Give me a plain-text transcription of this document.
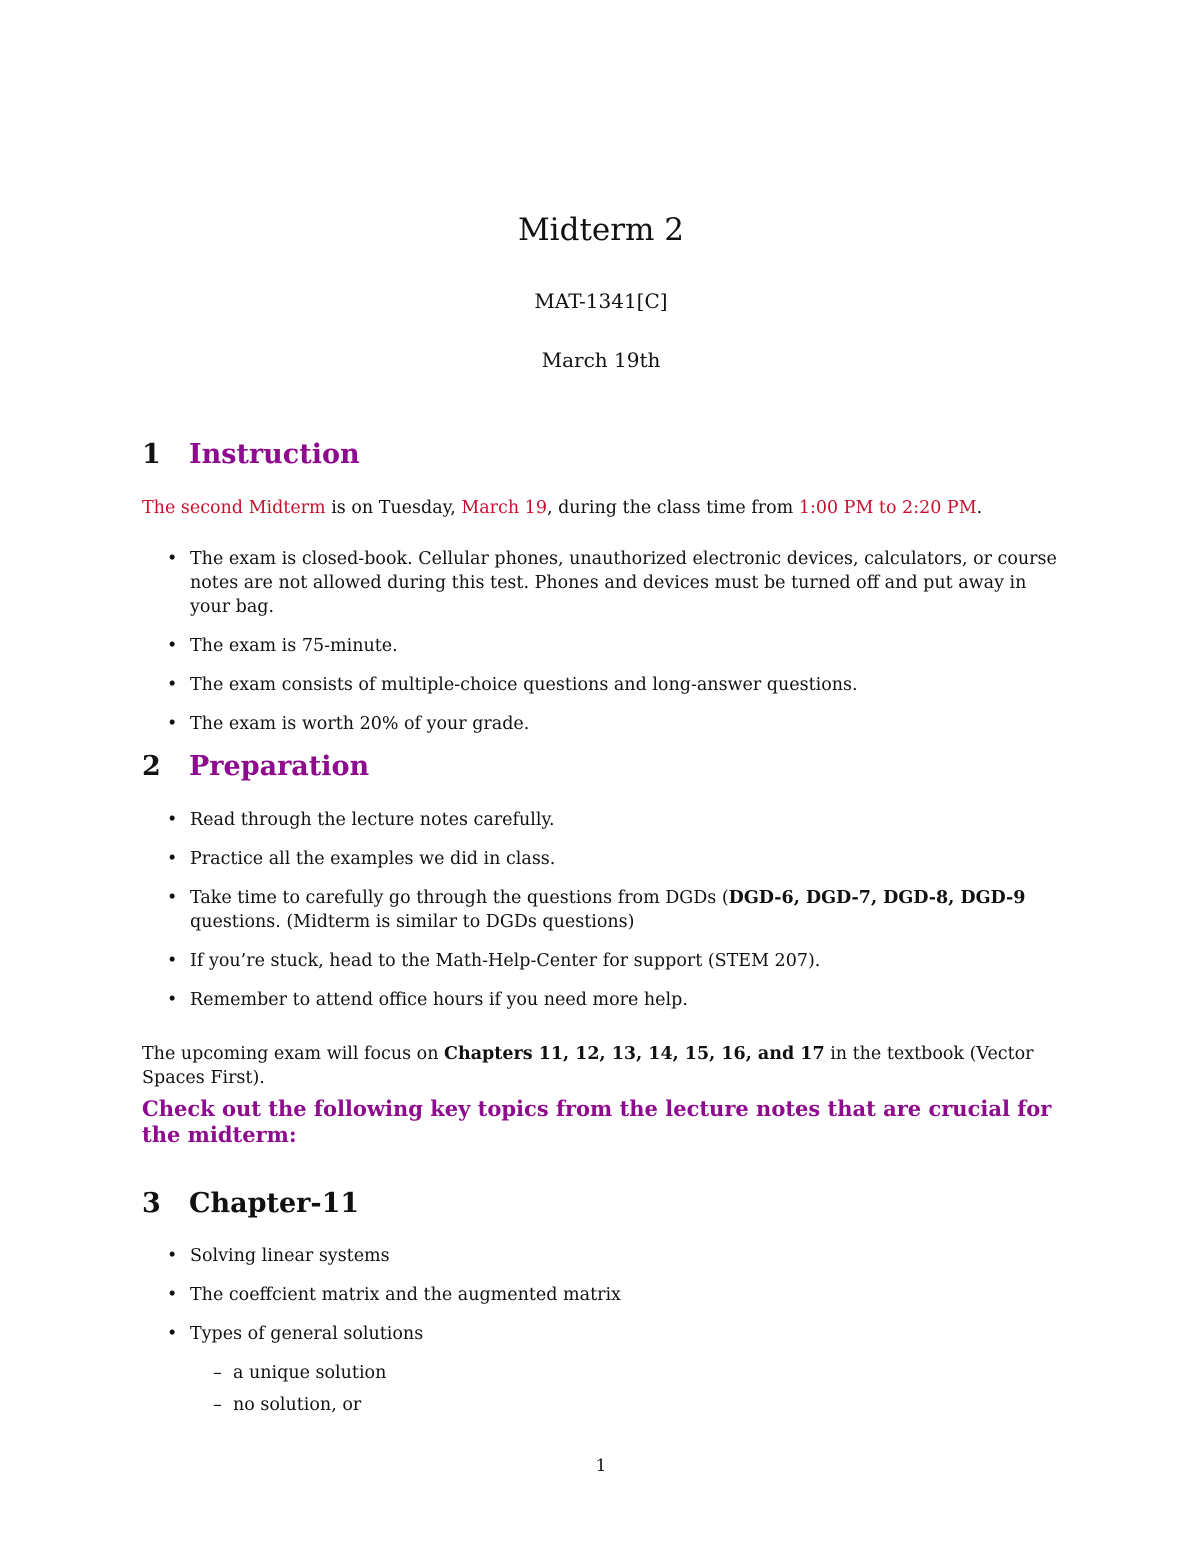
Midterm 2
MAT-1341[C]
March 19th
1 Instruction

The second Midterm is on Tuesday, March 19, during the class time from 1:00 PM to 2:20 PM.

• The exam is closed-book. Cellular phones, unauthorized electronic devices, calculators, or course notes are not allowed during this test. Phones and devices must be turned off and put away in your bag.
• The exam is 75-minute.
• The exam consists of multiple-choice questions and long-answer questions.
• The exam is worth 20% of your grade.
2 Preparation
• Read through the lecture notes carefully.
• Practice all the examples we did in class.
• Take time to carefully go through the questions from DGDs (DGD-6, DGD-7, DGD-8, DGD-9 questions. (Midterm is similar to DGDs questions)
• If you’re stuck, head to the Math-Help-Center for support (STEM 207).
• Remember to attend office hours if you need more help.

The upcoming exam will focus on Chapters 11, 12, 13, 14, 15, 16, and 17 in the textbook (Vector Spaces First).

Check out the following key topics from the lecture notes that are crucial for the midterm:

3 Chapter-11
• Solving linear systems
• The coeffcient matrix and the augmented matrix
• Types of general solutions
– a unique solution
– no solution, or
1
